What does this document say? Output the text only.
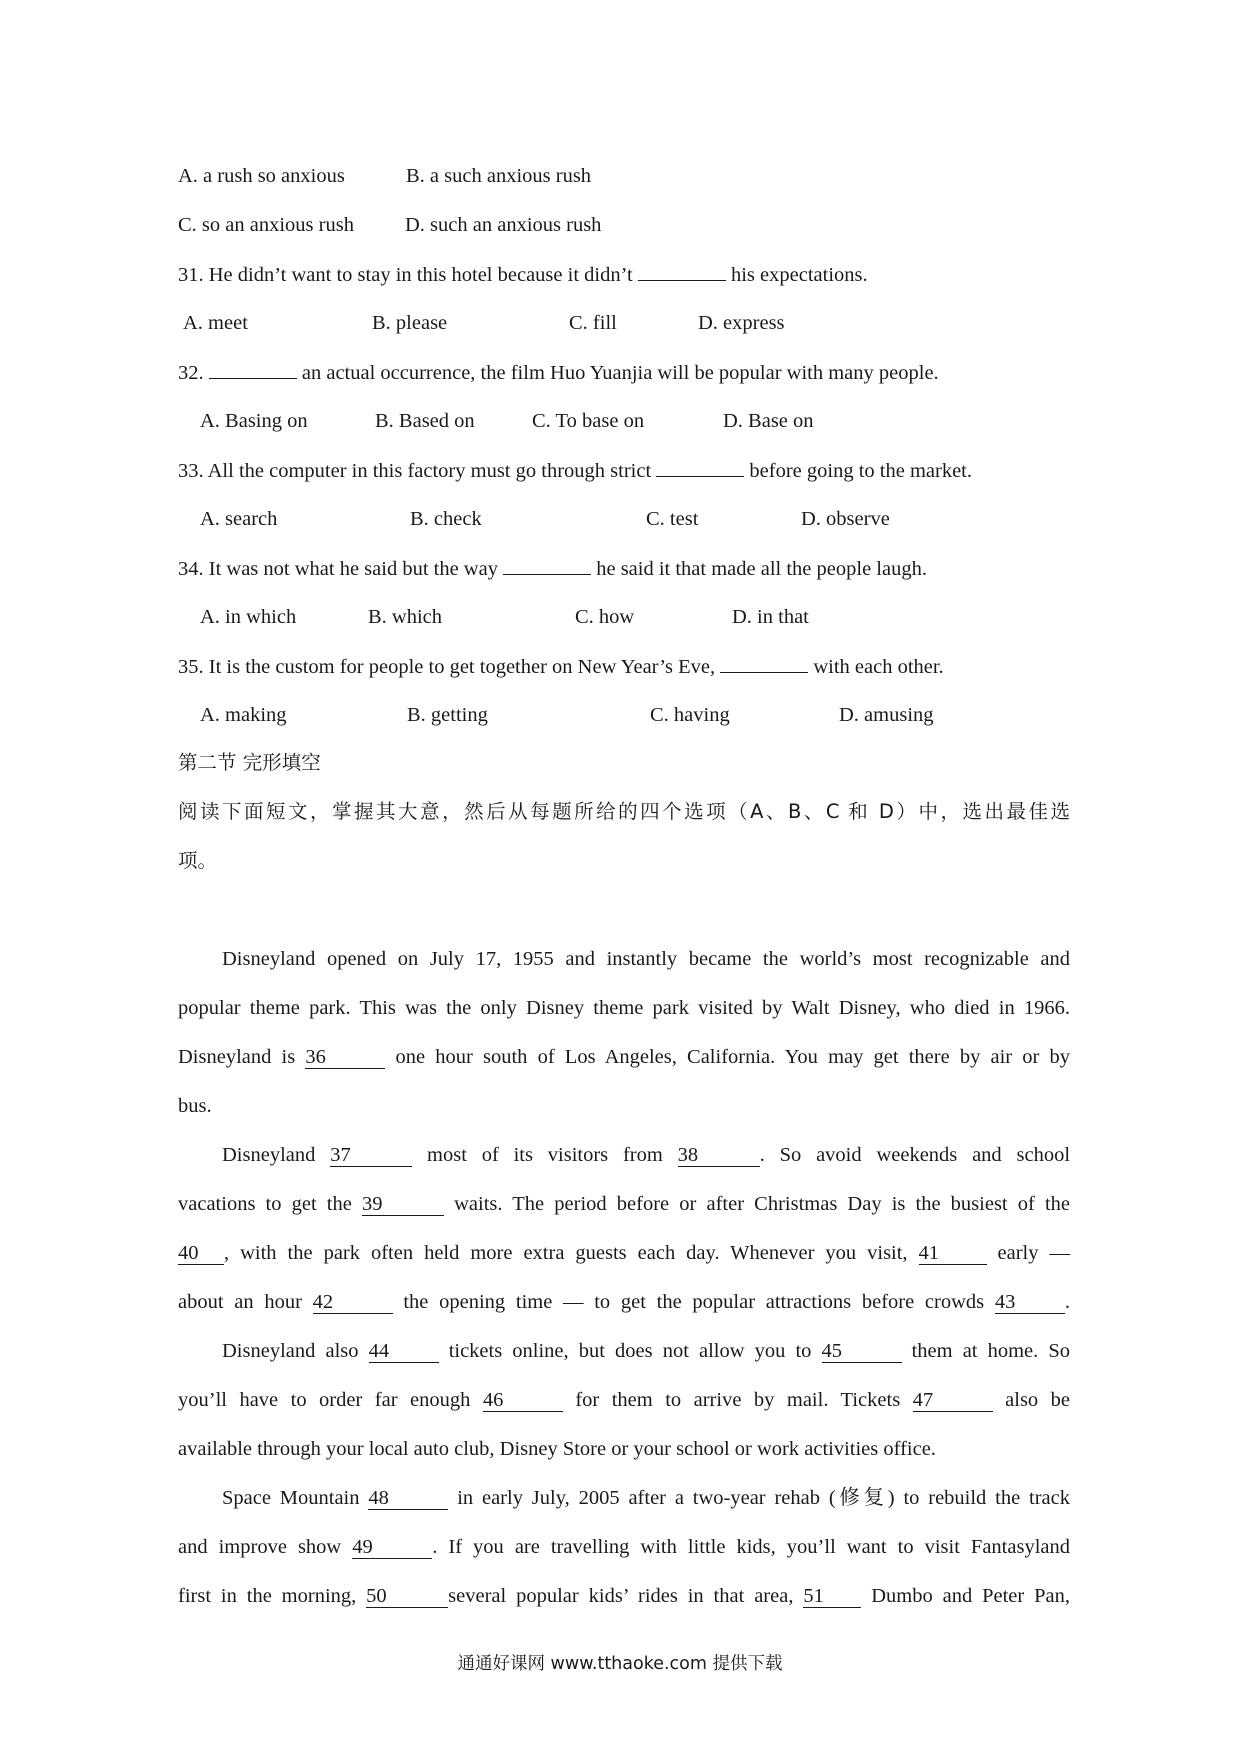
A. a rush so anxious	B. a such anxious rush
C. so an anxious rush D. such an anxious rush
31. He didn’t want to stay in this hotel because it didn’t	his expectations.
A. meet	B. please	C. fill	D. express
32.	an actual occurrence, the film Huo Yuanjia will be popular with many people.
A. Basing on	B. Based on	C. To base on	D. Base on
33. All the computer in this factory must go through strict	before going to the market.
A. search	B. check	C. test	D. observe
34. It was not what he said but the way	he said it that made all the people laugh.
A. in which	B. which	C. how	D. in that
35. It is the custom for people to get together on New Year’s Eve,	with each other.
A. making	B. getting	C. having	D. amusing
第二节 完形填空
阅读下面短文，掌握其大意，然后从每题所给的四个选项（A、B、C 和 D）中，选出最佳选
项。
Disneyland opened on July 17, 1955 and instantly became the world’s most recognizable and
popular theme park. This was the only Disney theme park visited by Walt Disney, who died in 1966.
Disneyland is 36	one hour south of Los Angeles, California. You may get there by air or by
bus.
Disneyland 37	most of its visitors from 38	. So avoid weekends and school
vacations to get the 39	waits. The period before or after Christmas Day is the busiest of the
40 , with the park often held more extra guests each day. Whenever you visit, 41	early —
about an hour 42	the opening time — to get the popular attractions before crowds 43 .
Disneyland also 44	tickets online, but does not allow you to 45	them at home. So
you’ll have to order far enough 46	for them to arrive by mail. Tickets 47	also be
available through your local auto club, Disney Store or your school or work activities office.
Space Mountain 48	in early July, 2005 after a two-year rehab (修复) to rebuild the track
and improve show 49	. If you are travelling with little kids, you’ll want to visit Fantasyland
first in the morning, 50	several popular kids’ rides in that area, 51 Dumbo and Peter Pan,
通通好课网 www.tthaoke.com 提供下载
